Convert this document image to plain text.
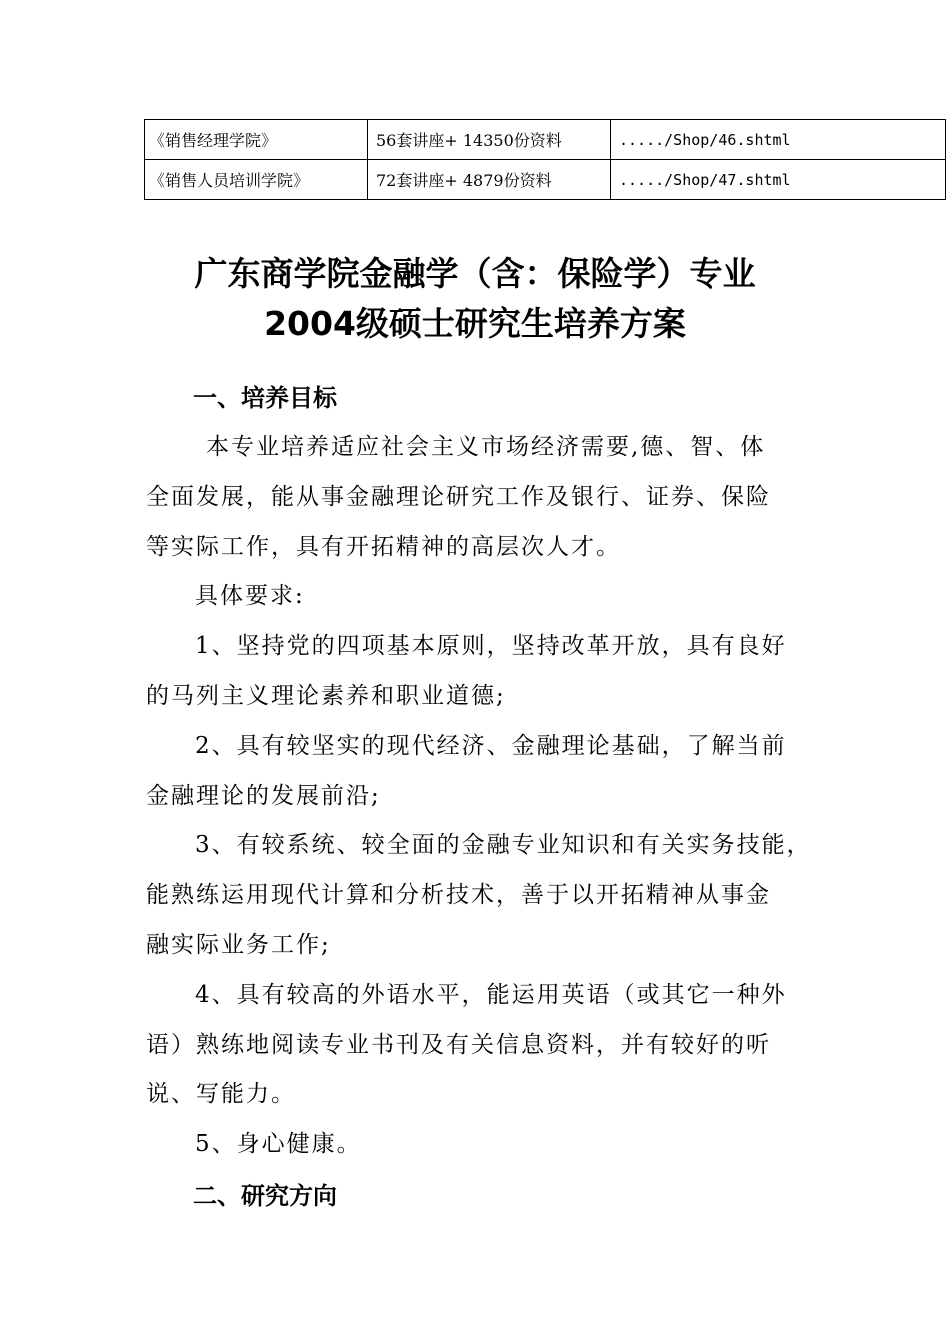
《销售经理学院》	56套讲座+ 14350份资料	...../Shop/46.shtml
《销售人员培训学院》	72套讲座+ 4879份资料	...../Shop/47.shtml
广东商学院金融学（含：保险学）专业
2004级硕士研究生培养方案
一、培养目标
本专业培养适应社会主义市场经济需要,德、智、体
全面发展，能从事金融理论研究工作及银行、证券、保险
等实际工作，具有开拓精神的高层次人才。
具体要求:
1、坚持党的四项基本原则，坚持改革开放，具有良好
的马列主义理论素养和职业道德;
2、具有较坚实的现代经济、金融理论基础，了解当前
金融理论的发展前沿;
3、有较系统、较全面的金融专业知识和有关实务技能，
能熟练运用现代计算和分析技术，善于以开拓精神从事金
融实际业务工作;
4、具有较高的外语水平，能运用英语（或其它一种外
语）熟练地阅读专业书刊及有关信息资料，并有较好的听
说、写能力。
5、身心健康。
二、研究方向
